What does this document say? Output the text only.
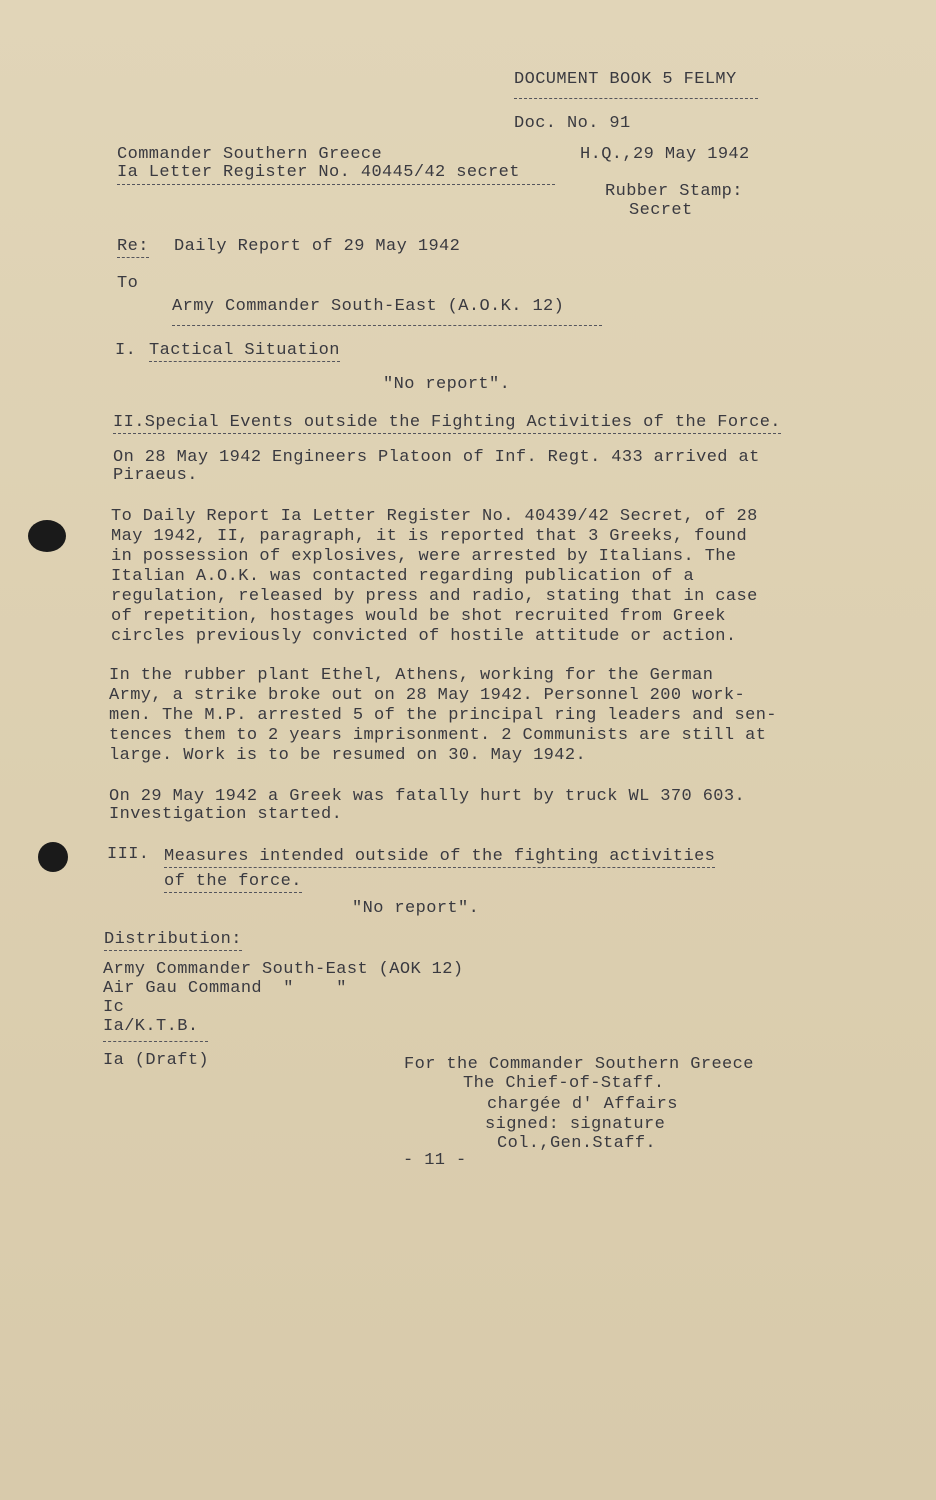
DOCUMENT BOOK 5 FELMY
Doc. No. 91
Commander Southern Greece
Ia Letter Register No. 40445/42 secret
H.Q.,29 May 1942
Rubber Stamp:
Secret
Re: Daily Report of 29 May 1942
To
Army Commander South-East (A.O.K. 12)
I. Tactical Situation
"No report".
II.Special Events outside the Fighting Activities of the Force.
On 28 May 1942 Engineers Platoon of Inf. Regt. 433 arrived at
Piraeus.
To Daily Report Ia Letter Register No. 40439/42 Secret, of 28
May 1942, II, paragraph, it is reported that 3 Greeks, found
in possession of explosives, were arrested by Italians. The
Italian A.O.K. was contacted regarding publication of a
regulation, released by press and radio, stating that in case
of repetition, hostages would be shot recruited from Greek
circles previously convicted of hostile attitude or action.
In the rubber plant Ethel, Athens, working for the German
Army, a strike broke out on 28 May 1942. Personnel 200 work-
men. The M.P. arrested 5 of the principal ring leaders and sen-
tences them to 2 years imprisonment. 2 Communists are still at
large. Work is to be resumed on 30. May 1942.
On 29 May 1942 a Greek was fatally hurt by truck WL 370 603.
Investigation started.
III. Measures intended outside of the fighting activities
of the force.
"No report".
Distribution:
Army Commander South-East (AOK 12)
Air Gau Command  "    "
Ic
Ia/K.T.B.
Ia (Draft)	For the Commander Southern Greece
The Chief-of-Staff.
chargée d' Affairs
signed: signature
Col.,Gen.Staff.
- 11 -
